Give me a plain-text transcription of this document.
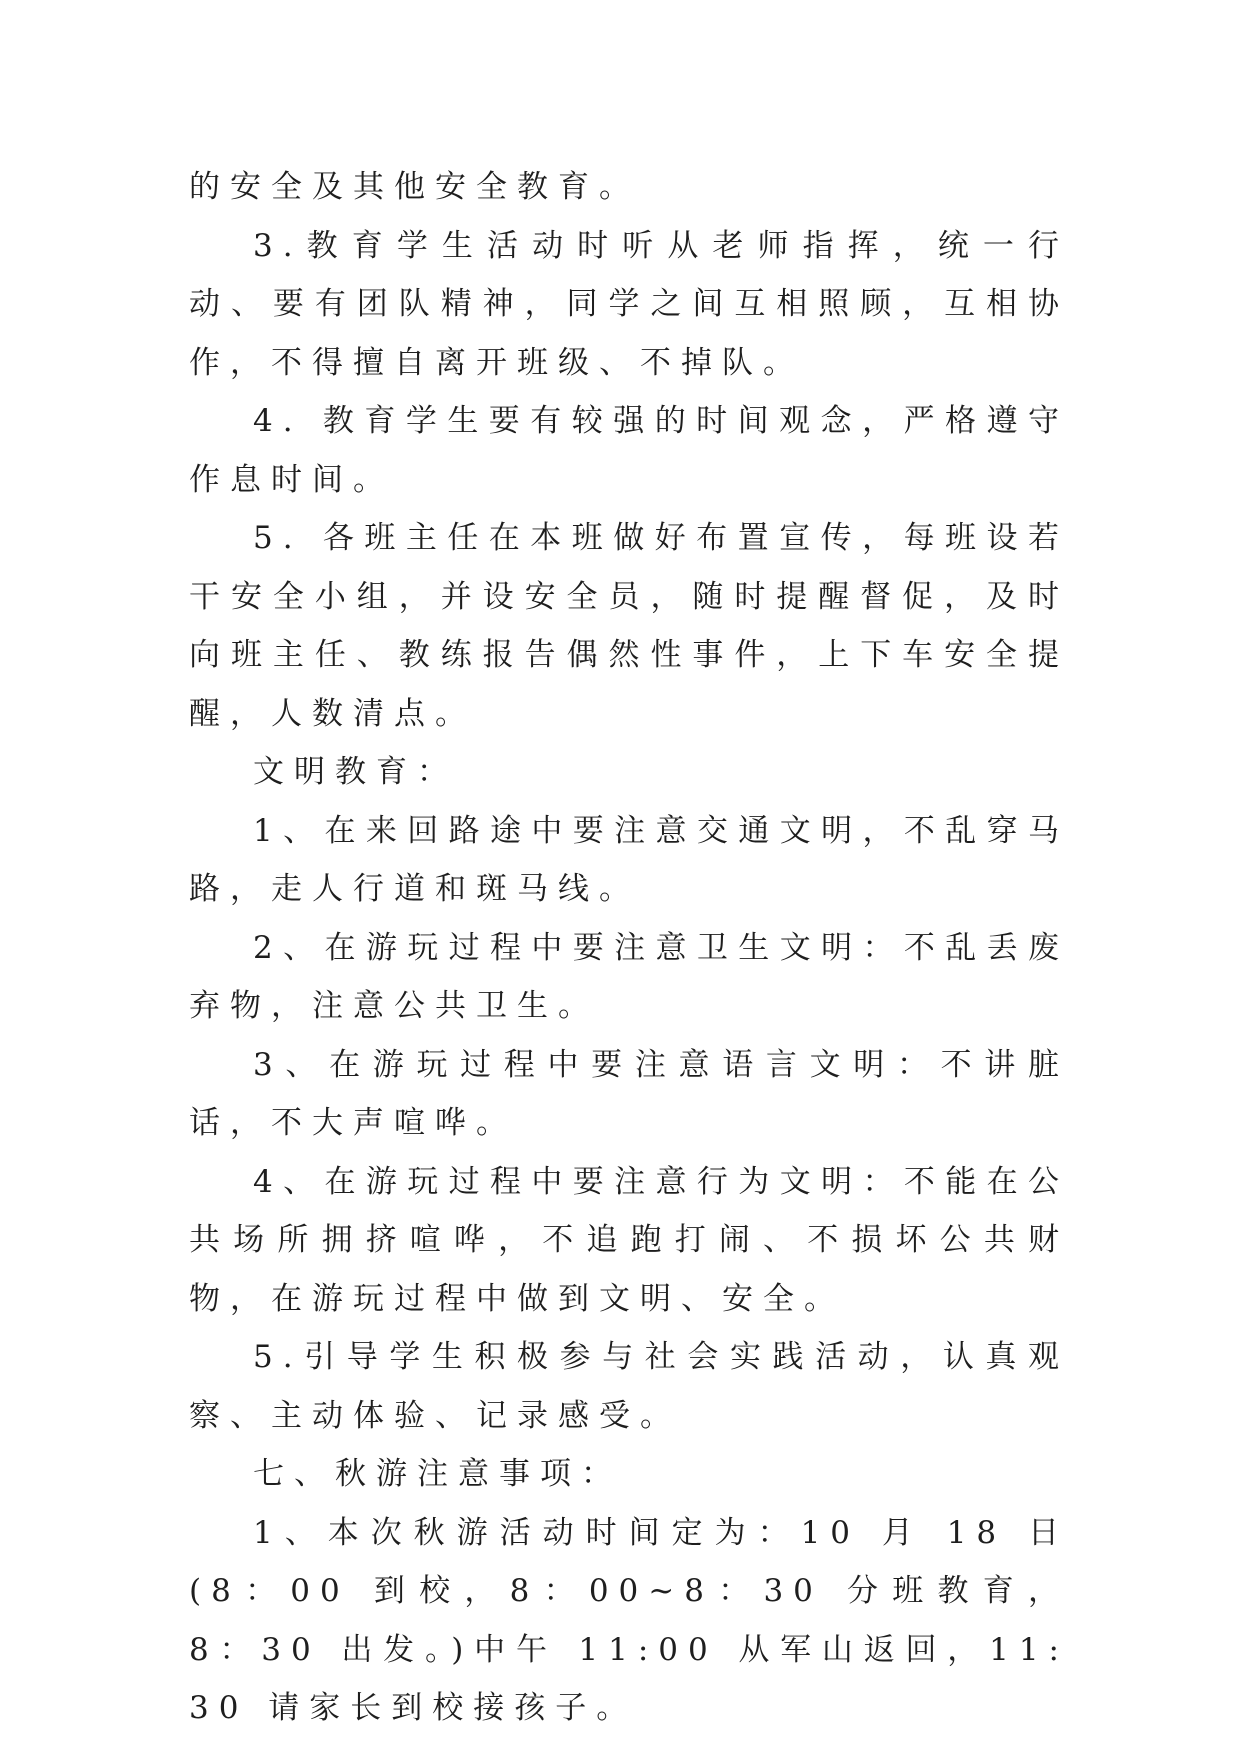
的安全及其他安全教育。

3.教育学生活动时听从老师指挥，统一行动、要有团队精神，同学之间互相照顾，互相协作，不得擅自离开班级、不掉队。

4. 教育学生要有较强的时间观念，严格遵守作息时间。

5. 各班主任在本班做好布置宣传，每班设若干安全小组，并设安全员，随时提醒督促，及时向班主任、教练报告偶然性事件，上下车安全提醒，人数清点。

文明教育：

1、在来回路途中要注意交通文明，不乱穿马路，走人行道和斑马线。

2、在游玩过程中要注意卫生文明：不乱丢废弃物，注意公共卫生。

3、在游玩过程中要注意语言文明：不讲脏话，不大声喧哗。

4、在游玩过程中要注意行为文明：不能在公共场所拥挤喧哗，不追跑打闹、不损坏公共财物，在游玩过程中做到文明、安全。

5.引导学生积极参与社会实践活动，认真观察、主动体验、记录感受。

七、秋游注意事项：

1、本次秋游活动时间定为：10 月 18 日(8：00 到校，8：00~8：30 分班教育，8：30 出发。)中午 11:00 从军山返回，11:30 请家长到校接孩子。
